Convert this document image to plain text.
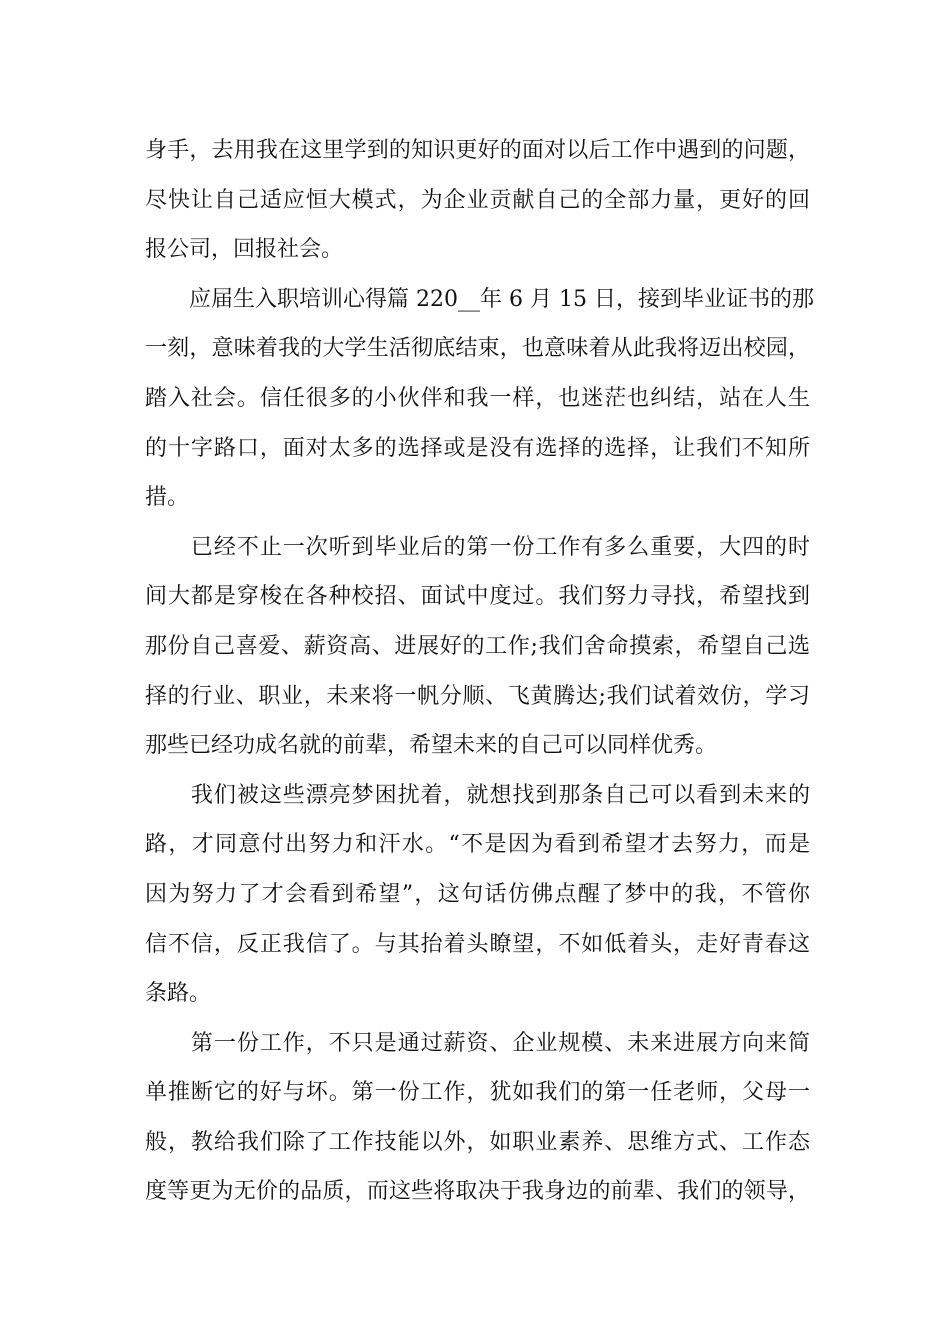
身手，去用我在这里学到的知识更好的面对以后工作中遇到的问题，
尽快让自己适应恒大模式，为企业贡献自己的全部力量，更好的回
报公司，回报社会。

　　应届生入职培训心得篇 220__年 6 月 15 日，接到毕业证书的那
一刻，意味着我的大学生活彻底结束，也意味着从此我将迈出校园，
踏入社会。信任很多的小伙伴和我一样，也迷茫也纠结，站在人生
的十字路口，面对太多的选择或是没有选择的选择，让我们不知所
措。

　　已经不止一次听到毕业后的第一份工作有多么重要，大四的时
间大都是穿梭在各种校招、面试中度过。我们努力寻找，希望找到
那份自己喜爱、薪资高、进展好的工作;我们舍命摸索，希望自己选
择的行业、职业，未来将一帆分顺、飞黄腾达;我们试着效仿，学习
那些已经功成名就的前辈，希望未来的自己可以同样优秀。

　　我们被这些漂亮梦困扰着，就想找到那条自己可以看到未来的
路，才同意付出努力和汗水。“不是因为看到希望才去努力，而是
因为努力了才会看到希望”，这句话仿佛点醒了梦中的我，不管你
信不信，反正我信了。与其抬着头瞭望，不如低着头，走好青春这
条路。

　　第一份工作，不只是通过薪资、企业规模、未来进展方向来简
单推断它的好与坏。第一份工作，犹如我们的第一任老师，父母一
般，教给我们除了工作技能以外，如职业素养、思维方式、工作态
度等更为无价的品质，而这些将取决于我身边的前辈、我们的领导，
